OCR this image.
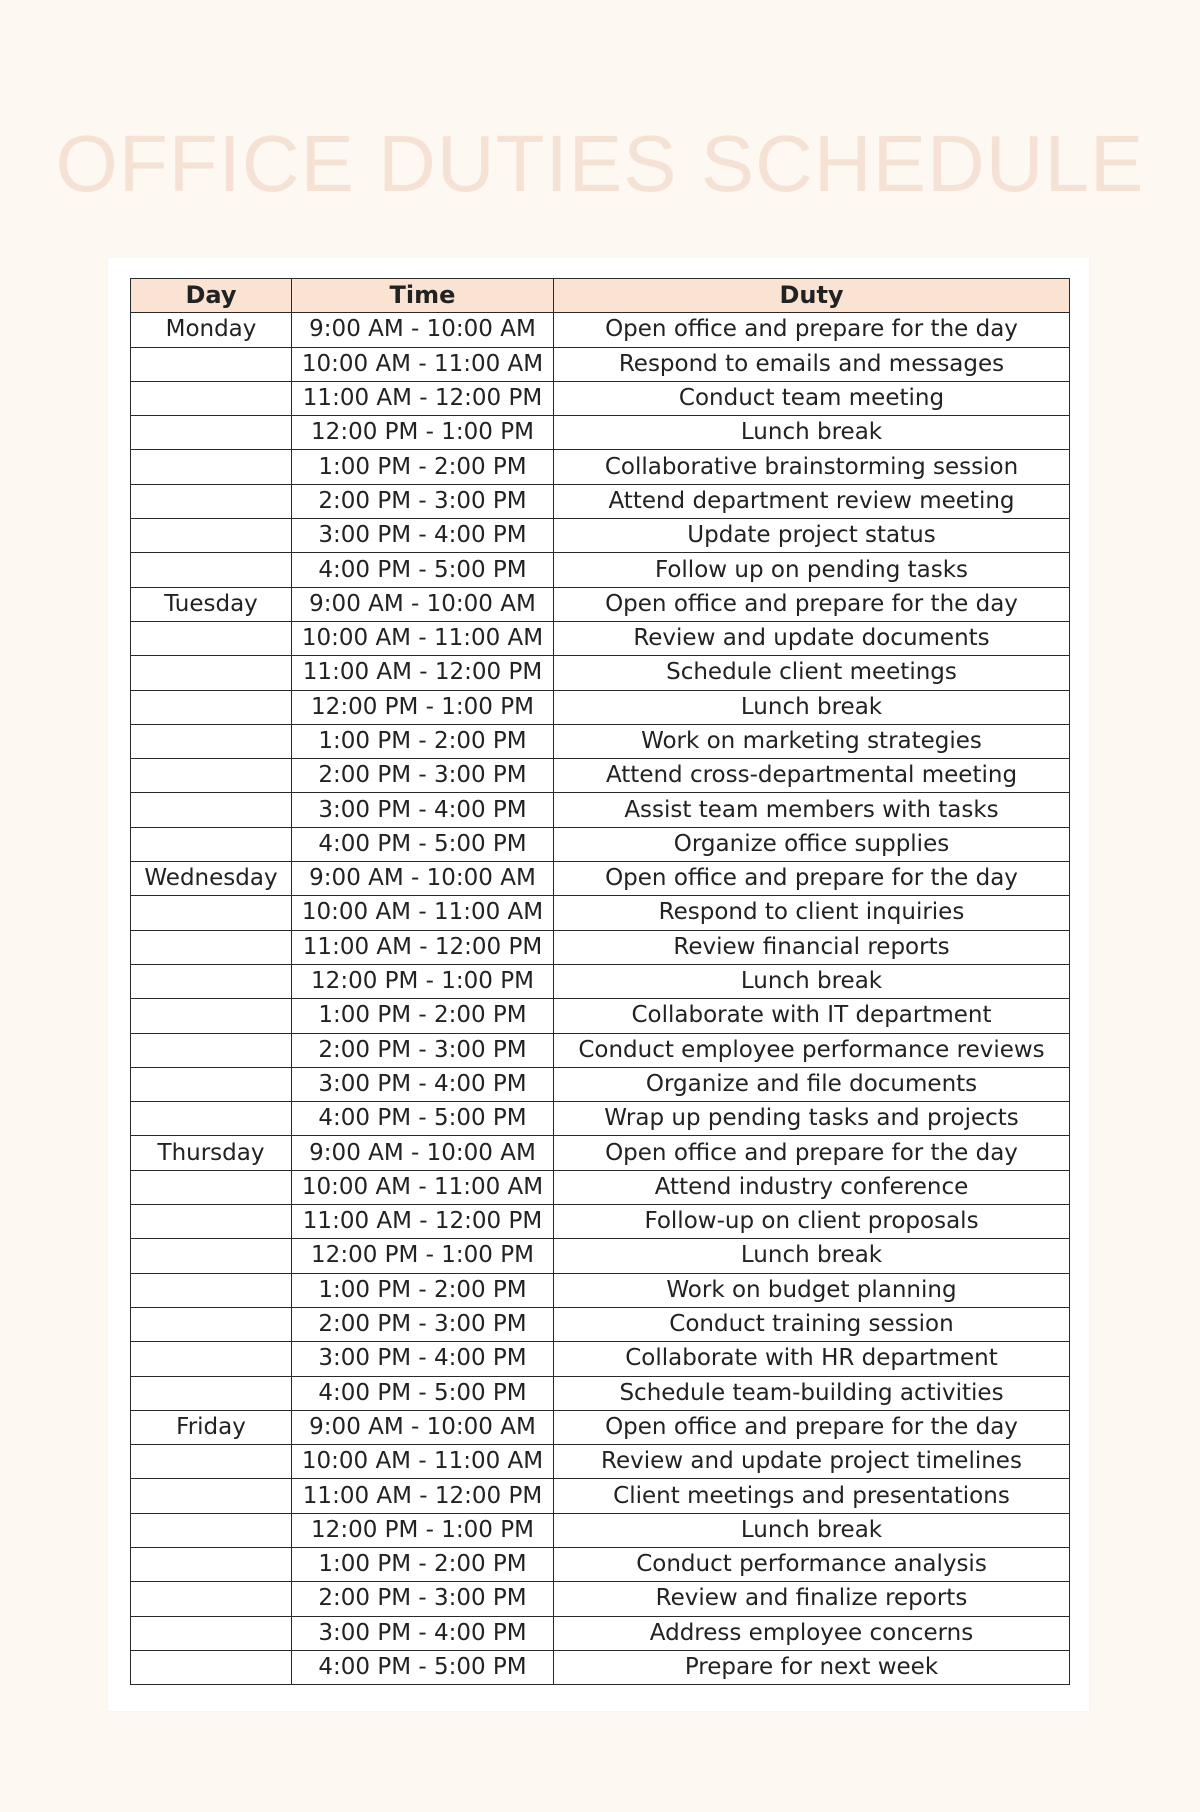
OFFICE DUTIES SCHEDULE
Day	Time	Duty
Monday	9:00 AM - 10:00 AM	Open office and prepare for the day
	10:00 AM - 11:00 AM	Respond to emails and messages
	11:00 AM - 12:00 PM	Conduct team meeting
	12:00 PM - 1:00 PM	Lunch break
	1:00 PM - 2:00 PM	Collaborative brainstorming session
	2:00 PM - 3:00 PM	Attend department review meeting
	3:00 PM - 4:00 PM	Update project status
	4:00 PM - 5:00 PM	Follow up on pending tasks
Tuesday	9:00 AM - 10:00 AM	Open office and prepare for the day
	10:00 AM - 11:00 AM	Review and update documents
	11:00 AM - 12:00 PM	Schedule client meetings
	12:00 PM - 1:00 PM	Lunch break
	1:00 PM - 2:00 PM	Work on marketing strategies
	2:00 PM - 3:00 PM	Attend cross-departmental meeting
	3:00 PM - 4:00 PM	Assist team members with tasks
	4:00 PM - 5:00 PM	Organize office supplies
Wednesday	9:00 AM - 10:00 AM	Open office and prepare for the day
	10:00 AM - 11:00 AM	Respond to client inquiries
	11:00 AM - 12:00 PM	Review financial reports
	12:00 PM - 1:00 PM	Lunch break
	1:00 PM - 2:00 PM	Collaborate with IT department
	2:00 PM - 3:00 PM	Conduct employee performance reviews
	3:00 PM - 4:00 PM	Organize and file documents
	4:00 PM - 5:00 PM	Wrap up pending tasks and projects
Thursday	9:00 AM - 10:00 AM	Open office and prepare for the day
	10:00 AM - 11:00 AM	Attend industry conference
	11:00 AM - 12:00 PM	Follow-up on client proposals
	12:00 PM - 1:00 PM	Lunch break
	1:00 PM - 2:00 PM	Work on budget planning
	2:00 PM - 3:00 PM	Conduct training session
	3:00 PM - 4:00 PM	Collaborate with HR department
	4:00 PM - 5:00 PM	Schedule team-building activities
Friday	9:00 AM - 10:00 AM	Open office and prepare for the day
	10:00 AM - 11:00 AM	Review and update project timelines
	11:00 AM - 12:00 PM	Client meetings and presentations
	12:00 PM - 1:00 PM	Lunch break
	1:00 PM - 2:00 PM	Conduct performance analysis
	2:00 PM - 3:00 PM	Review and finalize reports
	3:00 PM - 4:00 PM	Address employee concerns
	4:00 PM - 5:00 PM	Prepare for next week
